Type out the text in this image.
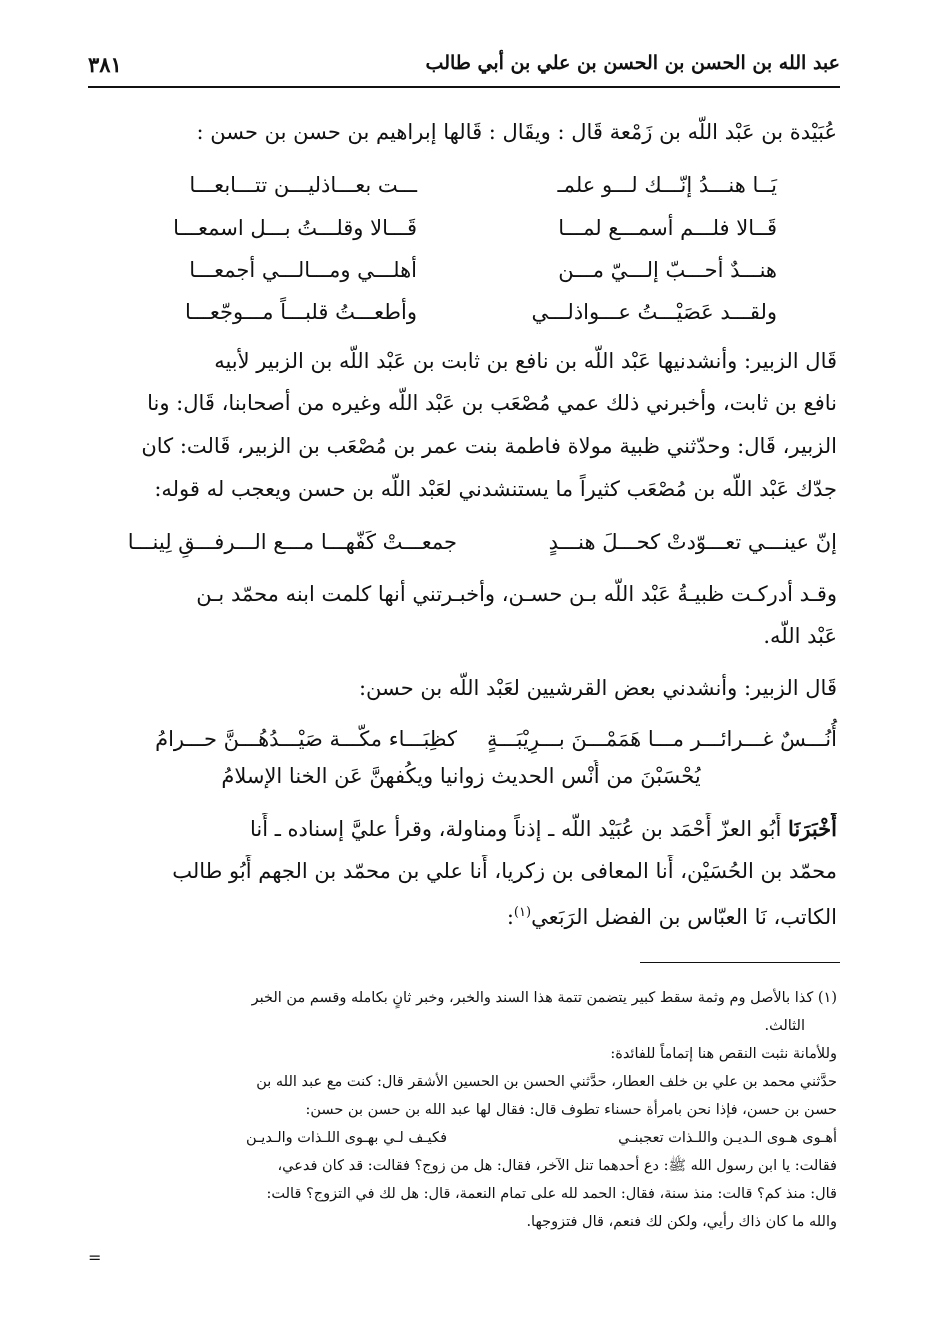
عبد الله بن الحسن بن الحسن بن علي بن أبي طالب
٣٨١
عُبَيْدة بن عَبْد اللّه بن زَمْعة قَال : ويقَال : قَالها إبراهيم بن حسن بن حسن :
يَــا هنـــدُ إنّـــك لـــو علمـ
ـــت بعـــاذليـــن تتـــابعـــا
قَــالا فلـــم أسمـــع لمـــا
قَـــالا وقلـــتُ بـــل اسمعـــا
هنـــدٌ أحـــبّ إلـــيّ مـــن
أهلـــي ومـــالـــي أجمعـــا
ولقـــد عَصَيْـــتُ عـــواذلـــي
وأطعـــتُ قلبـــاً مـــوجّعـــا
قَال الزبير: وأنشدنيها عَبْد اللّه بن نافع بن ثابت بن عَبْد اللّه بن الزبير لأبيه
نافع بن ثابت، وأخبرني ذلك عمي مُصْعَب بن عَبْد اللّه وغيره من أصحابنا، قَال: ونا
الزبير، قَال: وحدّثني ظبية مولاة فاطمة بنت عمر بن مُصْعَب بن الزبير، قَالت: كان
جدّك عَبْد اللّه بن مُصْعَب كثيراً ما يستنشدني لعَبْد اللّه بن حسن ويعجب له قوله:
إنّ عينـــي تعـــوّدتْ كحـــلَ هنـــدٍ
جمعـــتْ كَفّهـــا مـــع الـــرفـــقِ لِينـــا
وقـد أدركـت ظبيـةُ عَبْد اللّه بـن حسـن، وأخبـرتني أنها كلمت ابنه محمّد بـن
عَبْد اللّه.
قَال الزبير: وأنشدني بعض القرشيين لعَبْد اللّه بن حسن:
أُنُـــسٌ غـــرائـــر مـــا هَمَمْـــنَ بـــرِيْبَـــةٍ
كظِبَـــاء مكّـــة صَيْـــدُهُـــنَّ حـــرامُ
يُحْسَبْنَ من أُنْس الحديث زوانيا ويكُفهنَّ عَن الخنا الإسلامُ
أَخْبَرَنَا أَبُو العزّ أَحْمَد بن عُبَيْد اللّه ـ إذناً ومناولة، وقرأ عليَّ إسناده ـ أَنا
محمّد بن الحُسَيْن، أَنا المعافى بن زكريا، أَنا علي بن محمّد بن الجهم أَبُو طالب
الكاتب، نَا العبّاس بن الفضل الرَبَعي$^{(١)}$:
(١) كذا بالأصل وم وثمة سقط كبير يتضمن تتمة هذا السند والخبر، وخبر ثانٍ بكامله وقسم من الخبر
الثالث.
وللأمانة نثبت النقص هنا إتماماً للفائدة:
حدَّثني محمد بن علي بن خلف العطار، حدَّثني الحسن بن الحسين الأشقر قال: كنت مع عبد الله بن
حسن بن حسن، فإذا نحن بامرأة حسناء تطوف قال: فقال لها عبد الله بن حسن بن حسن:
أهـوى هـوى الـديـن واللـذات تعجبنـي
فكيـف لـي بهـوى اللـذات والـديـن
فقالت: يا ابن رسول الله ﷺ: دع أحدهما تنل الآخر، فقال: هل من زوج؟ فقالت: قد كان فدعي،
قال: منذ كم؟ قالت: منذ سنة، فقال: الحمد لله على تمام النعمة، قال: هل لك في التزوج؟ قالت:
والله ما كان ذاك رأيي، ولكن لك فنعم، قال فتزوجها.
=
